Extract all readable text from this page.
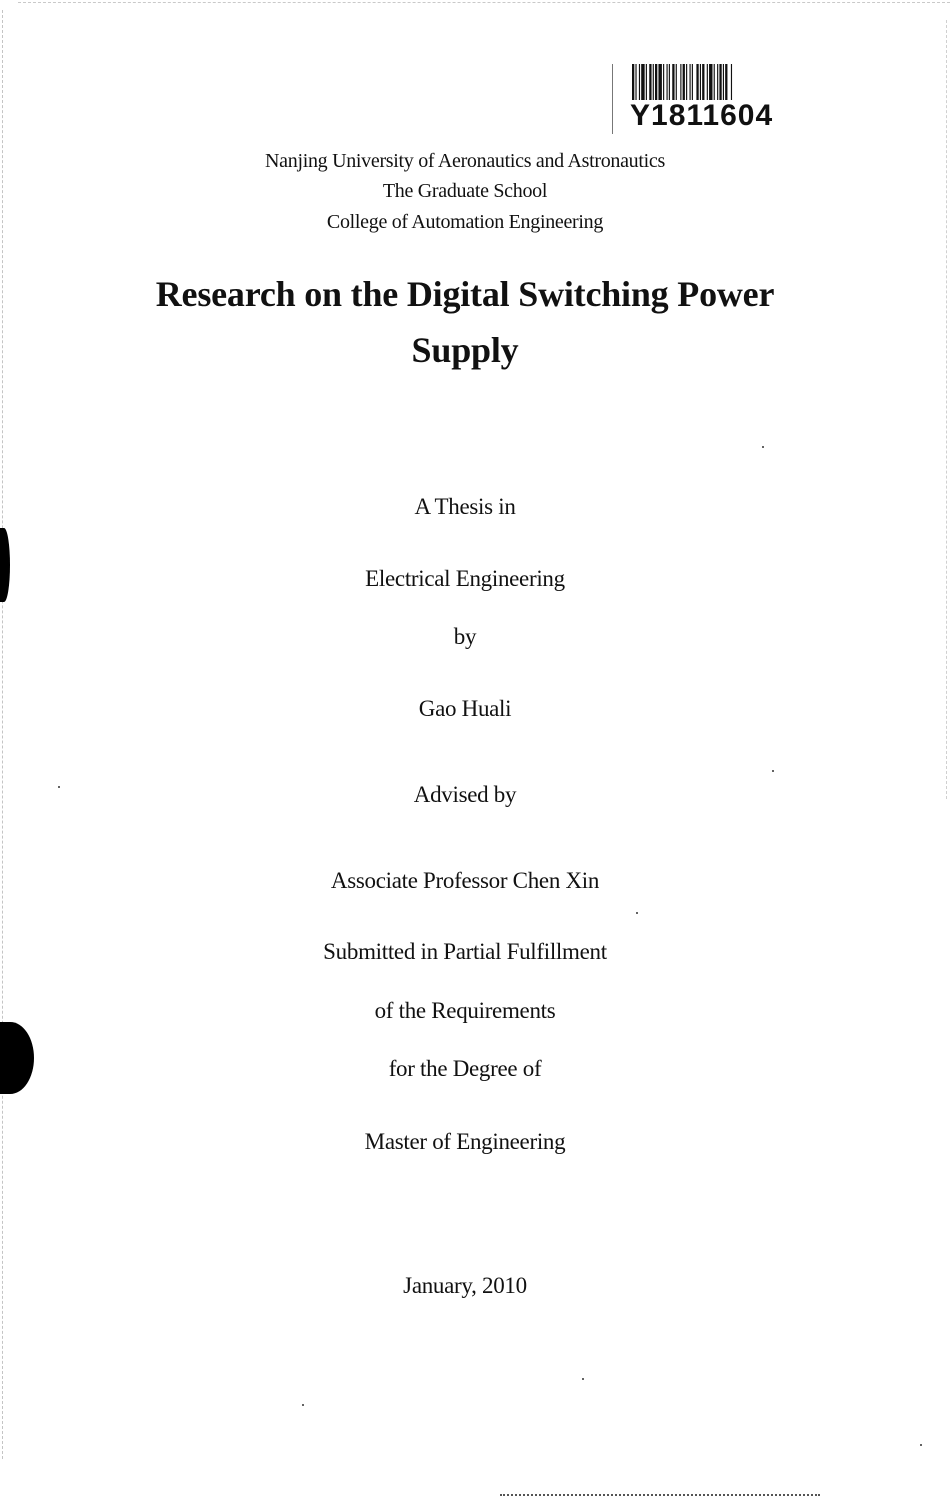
Y1811604
Nanjing University of Aeronautics and Astronautics
The Graduate School
College of Automation Engineering
Research on the Digital Switching Power
Supply
A Thesis in
Electrical Engineering
by
Gao Huali
Advised by
Associate Professor Chen Xin
Submitted in Partial Fulfillment
of the Requirements
for the Degree of
Master of Engineering
January, 2010
